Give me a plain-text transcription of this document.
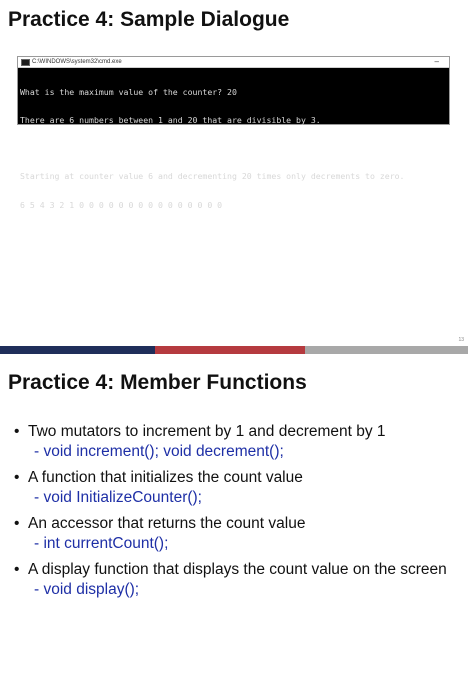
Practice 4: Sample Dialogue
C:\WINDOWS\system32\cmd.exe	–

What is the maximum value of the counter? 20

There are 6 numbers between 1 and 20 that are divisible by 3.

Starting at counter value 6 and decrementing 20 times only decrements to zero.

6 5 4 3 2 1 0 0 0 0 0 0 0 0 0 0 0 0 0 0 0

13
Practice 4: Member Functions
• Two mutators to increment by 1 and decrement by 1
- void increment(); void decrement();
• A function that initializes the count value
- void InitializeCounter();
• An accessor that returns the count value
- int currentCount();
• A display function that displays the count value on the screen
- void display();
